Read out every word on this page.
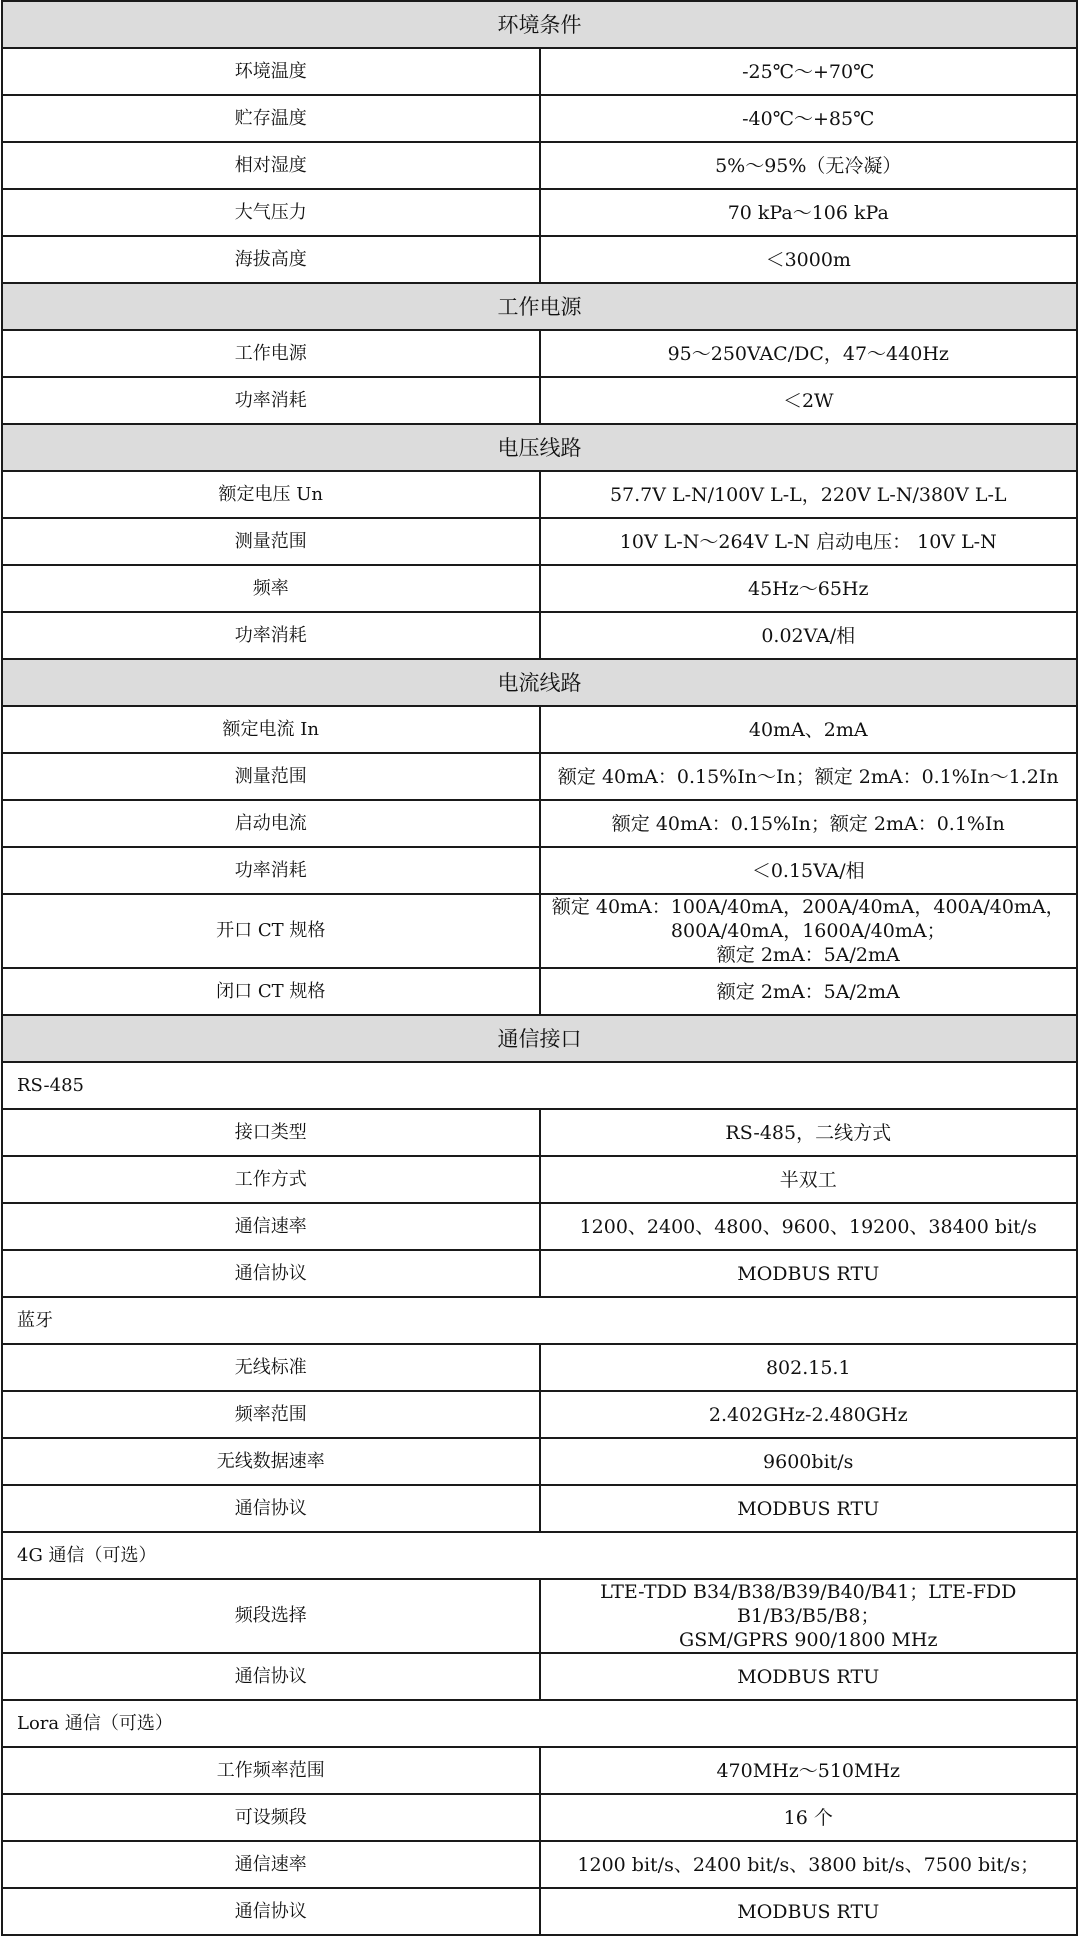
环境条件	
环境温度	-25℃～+70℃

贮存温度	-40℃～+85℃

相对湿度	5%～95%（无冷凝）

大气压力	70 kPa～106 kPa

海拔高度	＜3000m

工作电源	
工作电源	95～250VAC/DC，47～440Hz

功率消耗	＜2W

电压线路	
额定电压 Un	57.7V L-N/100V L-L，220V L-N/380V L-L

测量范围	10V L-N～264V L-N 启动电压： 10V L-N

频率	45Hz～65Hz

功率消耗	0.02VA/相

电流线路	
额定电流 In	40mA、2mA

测量范围	额定 40mA：0.15%In～In；额定 2mA：0.1%In～1.2In

启动电流	额定 40mA：0.15%In；额定 2mA：0.1%In

功率消耗	＜0.15VA/相

开口 CT 规格	额定 40mA：100A/40mA，200A/40mA，400A/40mA，800A/40mA，1600A/40mA；
额定 2mA：5A/2mA

闭口 CT 规格	额定 2mA：5A/2mA

通信接口	
RS-485	
接口类型	RS-485，二线方式

工作方式	半双工

通信速率	1200、2400、4800、9600、19200、38400 bit/s

通信协议	MODBUS RTU

蓝牙	
无线标准	802.15.1

频率范围	2.402GHz-2.480GHz

无线数据速率	9600bit/s

通信协议	MODBUS RTU

4G 通信（可选）	
频段选择	LTE-TDD B34/B38/B39/B40/B41；LTE-FDD B1/B3/B5/B8；
GSM/GPRS 900/1800 MHz

通信协议	MODBUS RTU

Lora 通信（可选）	
工作频率范围	470MHz～510MHz

可设频段	16 个

通信速率	1200 bit/s、2400 bit/s、3800 bit/s、7500 bit/s；

通信协议	MODBUS RTU
